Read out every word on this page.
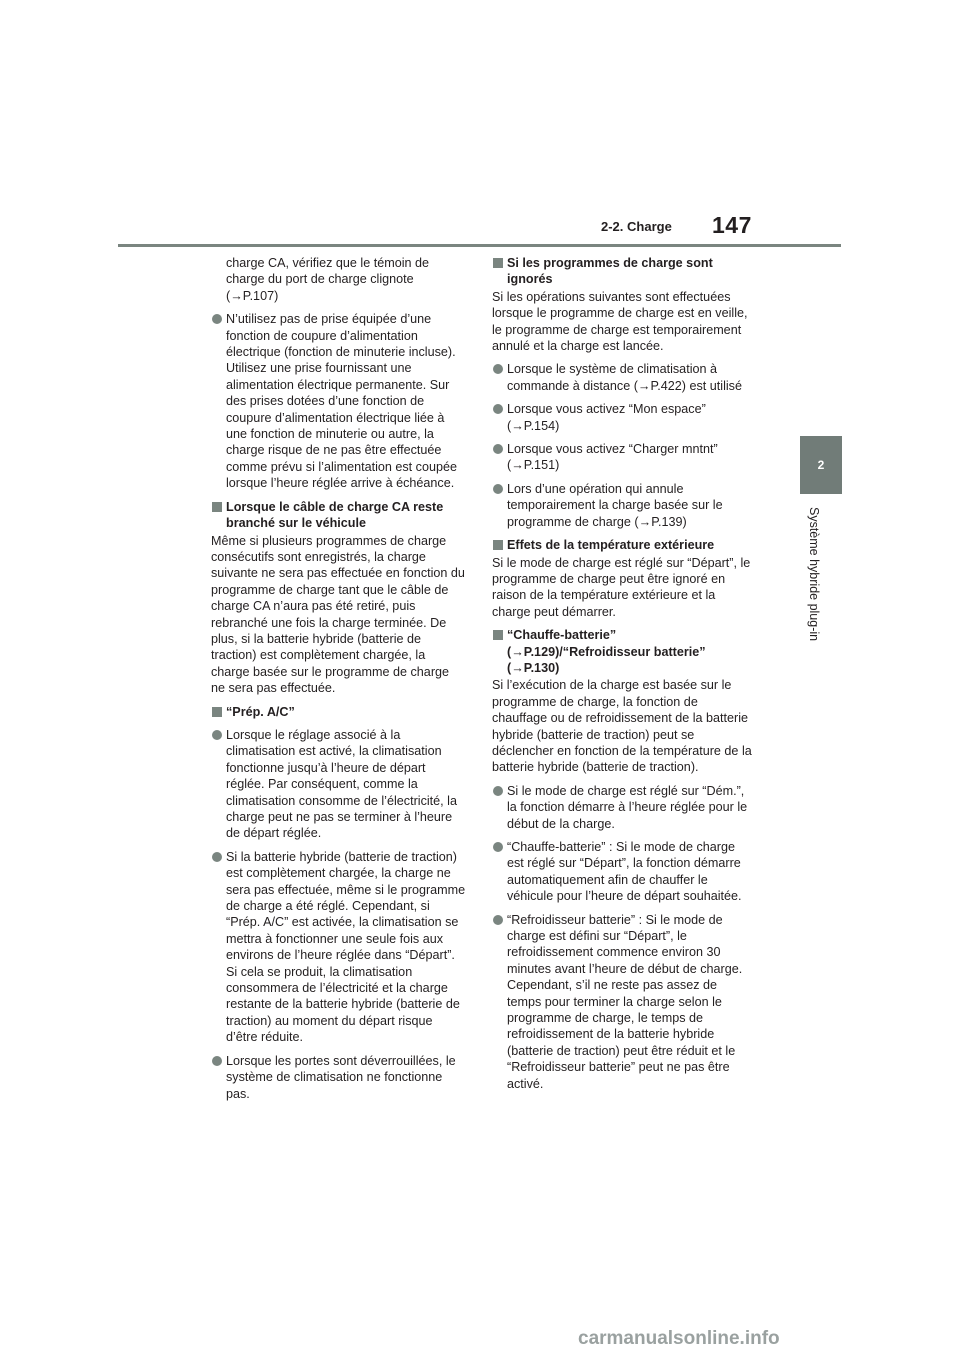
2-2. Charge 147
2
Système hybride plug-in

charge CA, vérifiez que le témoin de charge du port de charge clignote (→P.107)

N’utilisez pas de prise équipée d’une fonction de coupure d’alimentation électrique (fonction de minuterie incluse). Utilisez une prise fournissant une alimentation électrique permanente. Sur des prises dotées d’une fonction de coupure d’alimentation électrique liée à une fonction de minuterie ou autre, la charge risque de ne pas être effectuée comme prévu si l’alimentation est coupée lorsque l’heure réglée arrive à échéance.
Lorsque le câble de charge CA reste branché sur le véhicule

Même si plusieurs programmes de charge consécutifs sont enregistrés, la charge suivante ne sera pas effectuée en fonction du programme de charge tant que le câble de charge CA n’aura pas été retiré, puis rebranché une fois la charge terminée. De plus, si la batterie hybride (batterie de traction) est complètement chargée, la charge basée sur le programme de charge ne sera pas effectuée.

“Prép. A/C”
Lorsque le réglage associé à la climatisation est activé, la climatisation fonctionne jusqu’à l’heure de départ réglée. Par conséquent, comme la climatisation consomme de l’électricité, la charge peut ne pas se terminer à l’heure de départ réglée.
Si la batterie hybride (batterie de traction) est complètement chargée, la charge ne sera pas effectuée, même si le programme de charge a été réglé. Cependant, si “Prép. A/C” est activée, la climatisation se mettra à fonctionner une seule fois aux environs de l’heure réglée dans “Départ”. Si cela se produit, la climatisation consommera de l’électricité et la charge restante de la batterie hybride (batterie de traction) au moment du départ risque d’être réduite.
Lorsque les portes sont déverrouillées, le système de climatisation ne fonctionne pas.
Si les programmes de charge sont ignorés

Si les opérations suivantes sont effectuées lorsque le programme de charge est en veille, le programme de charge est temporairement annulé et la charge est lancée.

Lorsque le système de climatisation à commande à distance (→P.422) est utilisé
Lorsque vous activez “Mon espace” (→P.154)
Lorsque vous activez “Charger mntnt” (→P.151)
Lors d’une opération qui annule temporairement la charge basée sur le programme de charge (→P.139)
Effets de la température extérieure

Si le mode de charge est réglé sur “Départ”, le programme de charge peut être ignoré en raison de la température extérieure et la charge peut démarrer.

“Chauffe-batterie” (→P.129)/“Refroidisseur batterie” (→P.130)

Si l’exécution de la charge est basée sur le programme de charge, la fonction de chauffage ou de refroidissement de la batterie hybride (batterie de traction) peut se déclencher en fonction de la température de la batterie hybride (batterie de traction).

Si le mode de charge est réglé sur “Dém.”, la fonction démarre à l’heure réglée pour le début de la charge.
“Chauffe-batterie” : Si le mode de charge est réglé sur “Départ”, la fonction démarre automatiquement afin de chauffer le véhicule pour l’heure de départ souhaitée.
“Refroidisseur batterie” : Si le mode de charge est défini sur “Départ”, le refroidissement commence environ 30 minutes avant l’heure de début de charge. Cependant, s’il ne reste pas assez de temps pour terminer la charge selon le programme de charge, le temps de refroidissement de la batterie hybride (batterie de traction) peut être réduit et le “Refroidisseur batterie” peut ne pas être activé.
carmanualsonline.info
